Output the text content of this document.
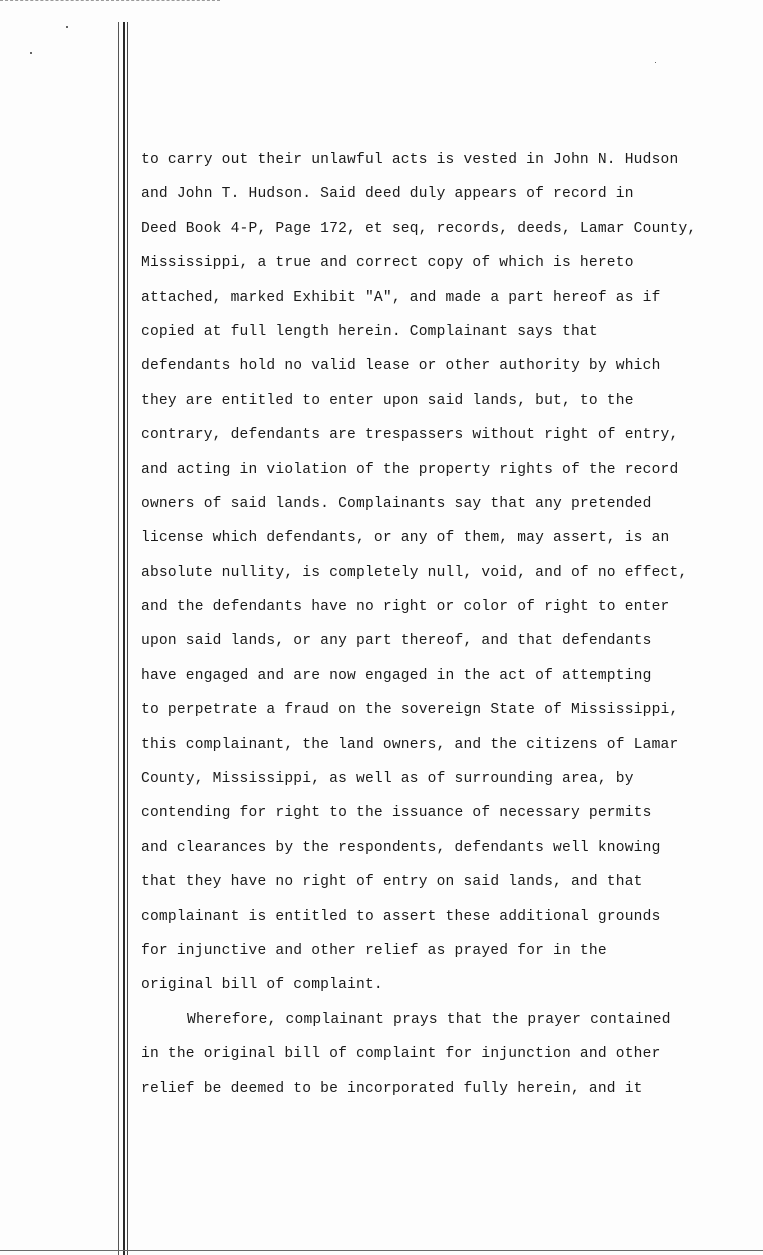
to carry out their unlawful acts is vested in John N. Hudson
and John T. Hudson. Said deed duly appears of record in
Deed Book 4-P, Page 172, et seq, records, deeds, Lamar County,
Mississippi, a true and correct copy of which is hereto
attached, marked Exhibit "A", and made a part hereof as if
copied at full length herein. Complainant says that
defendants hold no valid lease or other authority by which
they are entitled to enter upon said lands, but, to the
contrary, defendants are trespassers without right of entry,
and acting in violation of the property rights of the record
owners of said lands. Complainants say that any pretended
license which defendants, or any of them, may assert, is an
absolute nullity, is completely null, void, and of no effect,
and the defendants have no right or color of right to enter
upon said lands, or any part thereof, and that defendants
have engaged and are now engaged in the act of attempting
to perpetrate a fraud on the sovereign State of Mississippi,
this complainant, the land owners, and the citizens of Lamar
County, Mississippi, as well as of surrounding area, by
contending for right to the issuance of necessary permits
and clearances by the respondents, defendants well knowing
that they have no right of entry on said lands, and that
complainant is entitled to assert these additional grounds
for injunctive and other relief as prayed for in the
original bill of complaint.
Wherefore, complainant prays that the prayer contained
in the original bill of complaint for injunction and other
relief be deemed to be incorporated fully herein, and it
